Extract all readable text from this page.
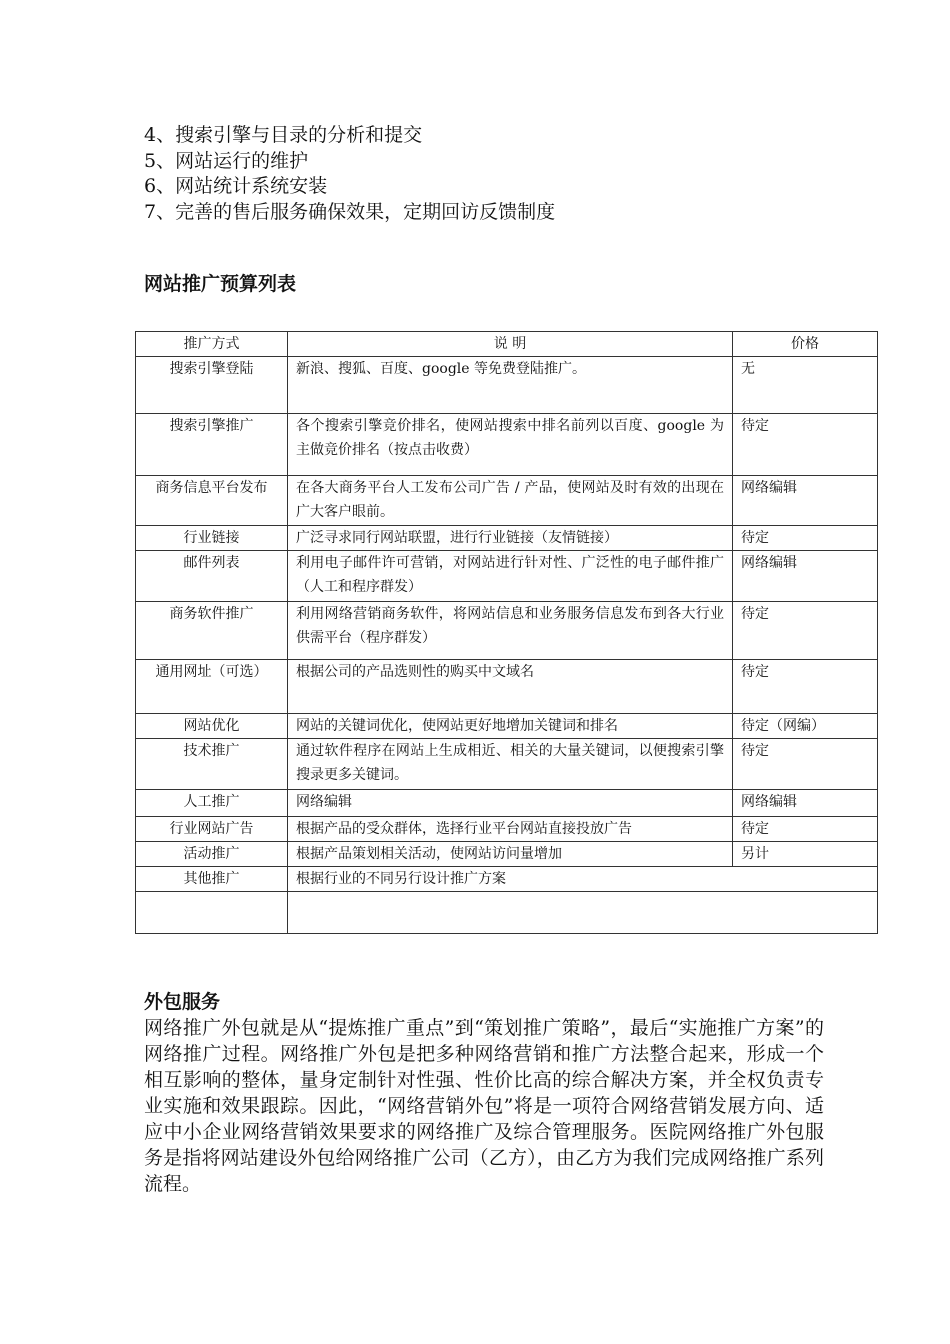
4、搜索引擎与目录的分析和提交
5、网站运行的维护
6、网站统计系统安装
7、完善的售后服务确保效果，定期回访反馈制度
网站推广预算列表
推广方式	说 明	价格
搜索引擎登陆	新浪、搜狐、百度、google 等免费登陆推广。	无
搜索引擎推广	各个搜索引擎竞价排名，使网站搜索中排名前列以百度、google 为主做竞价排名（按点击收费）	待定
商务信息平台发布	在各大商务平台人工发布公司广告 / 产品，使网站及时有效的出现在广大客户眼前。	网络编辑
行业链接	广泛寻求同行网站联盟，进行行业链接（友情链接）	待定
邮件列表	利用电子邮件许可营销，对网站进行针对性、广泛性的电子邮件推广（人工和程序群发）	网络编辑
商务软件推广	利用网络营销商务软件，将网站信息和业务服务信息发布到各大行业供需平台（程序群发）	待定
通用网址（可选）	根据公司的产品选则性的购买中文域名	待定
网站优化	网站的关键词优化，使网站更好地增加关键词和排名	待定（网编）
技术推广	通过软件程序在网站上生成相近、相关的大量关键词，以便搜索引擎搜录更多关键词。	待定
人工推广	网络编辑	网络编辑
行业网站广告	根据产品的受众群体，选择行业平台网站直接投放广告	待定
活动推广	根据产品策划相关活动，使网站访问量增加	另计
其他推广	根据行业的不同另行设计推广方案	

外包服务

网络推广外包就是从“提炼推广重点”到“策划推广策略”，最后“实施推广方案”的网络推广过程。网络推广外包是把多种网络营销和推广方法整合起来，形成一个相互影响的整体，量身定制针对性强、性价比高的综合解决方案，并全权负责专业实施和效果跟踪。因此，“网络营销外包”将是一项符合网络营销发展方向、适应中小企业网络营销效果要求的网络推广及综合管理服务。医院网络推广外包服务是指将网站建设外包给网络推广公司（乙方），由乙方为我们完成网络推广系列流程。
